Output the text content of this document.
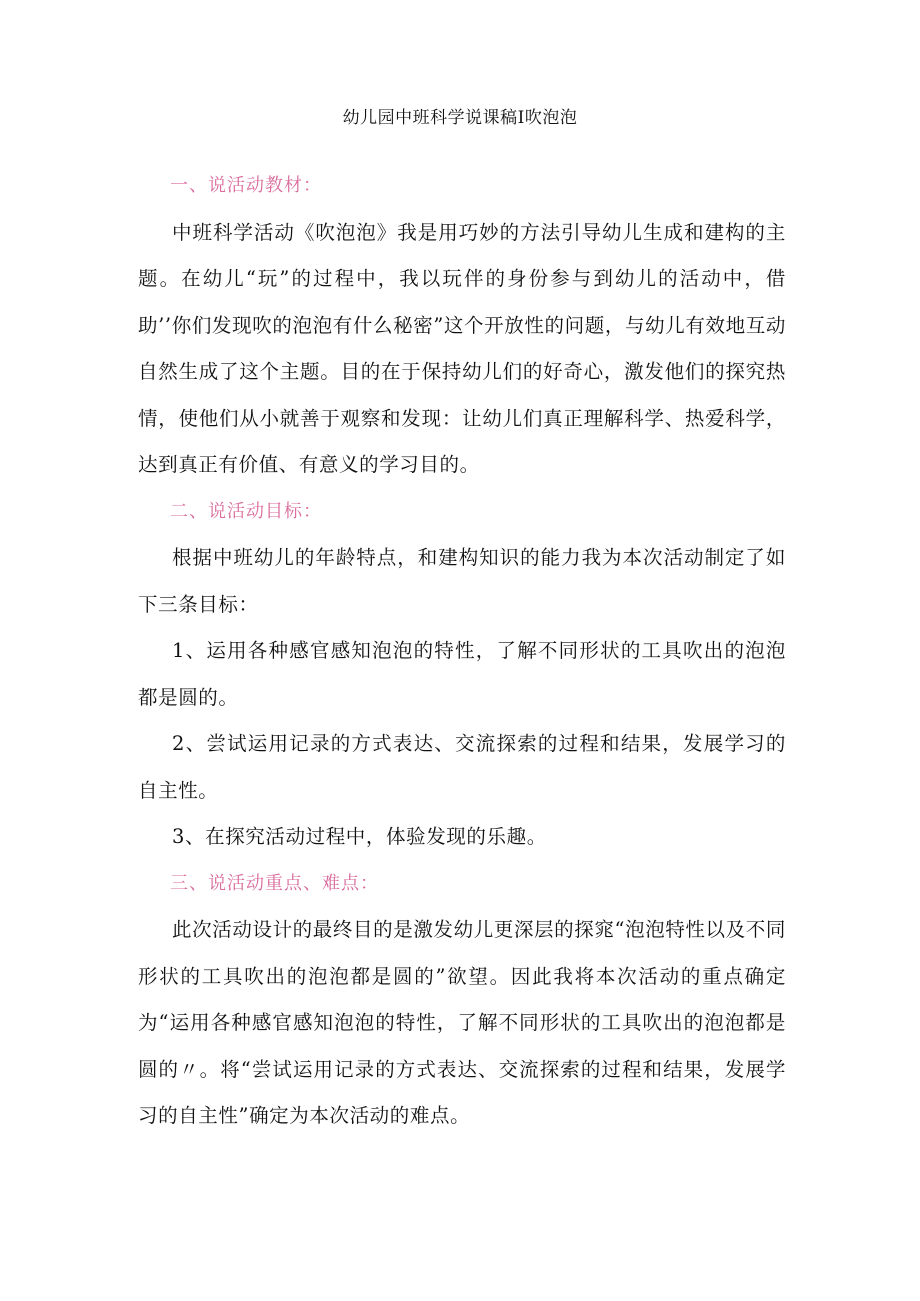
幼儿园中班科学说课稿I吹泡泡

一、说活动教材：

中班科学活动《吹泡泡》我是用巧妙的方法引导幼儿生成和建构的主题。在幼儿“玩”的过程中，我以玩伴的身份参与到幼儿的活动中，借助’’你们发现吹的泡泡有什么秘密”这个开放性的问题，与幼儿有效地互动自然生成了这个主题。目的在于保持幼儿们的好奇心，激发他们的探究热情，使他们从小就善于观察和发现：让幼儿们真正理解科学、热爱科学，达到真正有价值、有意义的学习目的。

二、说活动目标：

根据中班幼儿的年龄特点，和建构知识的能力我为本次活动制定了如下三条目标：

1、运用各种感官感知泡泡的特性，了解不同形状的工具吹出的泡泡都是圆的。

2、尝试运用记录的方式表达、交流探索的过程和结果，发展学习的自主性。

3、在探究活动过程中，体验发现的乐趣。

三、说活动重点、难点：

此次活动设计的最终目的是激发幼儿更深层的探窕“泡泡特性以及不同形状的工具吹出的泡泡都是圆的”欲望。因此我将本次活动的重点确定为“运用各种感官感知泡泡的特性，了解不同形状的工具吹出的泡泡都是圆的〃。将“尝试运用记录的方式表达、交流探索的过程和结果，发展学习的自主性”确定为本次活动的难点。
